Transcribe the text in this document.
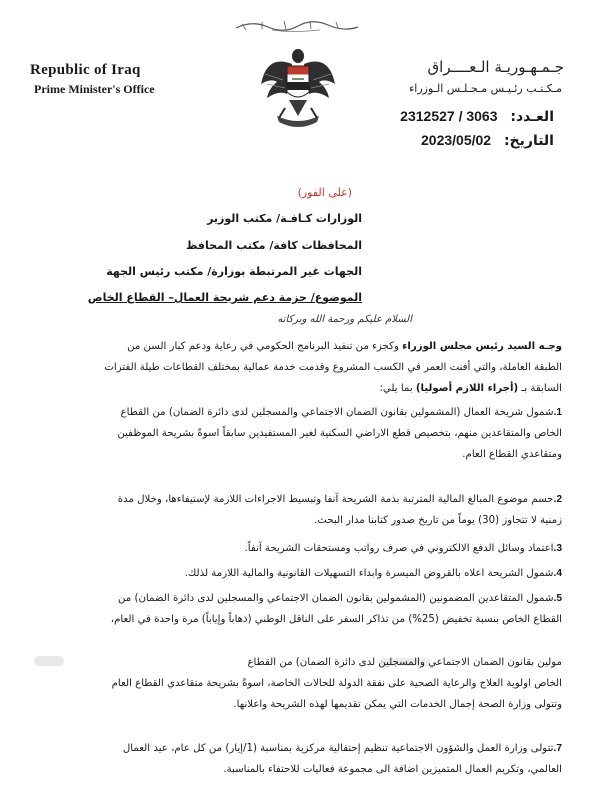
Republic of Iraq
Prime Minister's Office
جـمـهـوريـة الـعــــراق
مـكـتـب رئـيـس مـجـلـس الـوزراء
العـدد: 2312527 / 3063
التاريخ: 2023/05/02
(على الفور)
الوزارات كـافـة/ مكتب الوزير
المحافظات كافة/ مكتب المحافظ
الجهات غير المرتبطة بوزارة/ مكتب رئيس الجهة
الموضوع/ حزمة دعم شريحة العمال– القطاع الخاص
السلام عليكم ورحمة الله وبركاته
وجـه السيد رئيس مجلس الوزراء وكجزء من تنفيذ البرنامج الحكومي في رعاية ودعم كبار السن من
الطبقة العاملة، والتي أفنت العمر في الكسب المشروع وقدمت خدمة عمالية بمختلف القطاعات طيلة الفترات
السابقة بـ (أجراء اللازم أصوليا) بما يلي:
1.شمول شريحة العمال (المشمولين بقانون الضمان الاجتماعي والمسجلين لدى دائرة الضمان) من القطاع
الخاص والمتقاعدين منهم، بتخصيص قطع الاراضي السكنية لغير المستفيدين سابقاً اسوةً بشريحة الموظفين
ومتقاعدي القطاع العام.
2.حسم موضوع المبالغ المالية المترتبة بذمة الشريحة آنفا وتبسيط الاجراءات اللازمة لإستيفاءها، وخلال مدة
زمنية لا تتجاوز (30) يوماً من تاريخ صدور كتابنا مدار البحث.
3.اعتماد وسائل الدفع الالكتروني في صرف رواتب ومستحقات الشريحة آنفاً.
4.شمول الشريحة اعلاه بالقروض الميسرة وابداء التسهيلات القانونية والمالية اللازمة لذلك.
5.شمول المتقاعدين المضمونين (المشمولين بقانون الضمان الاجتماعي والمسجلين لدى دائرة الضمان) من
القطاع الخاص بنسبة تخفيض (25%) من تذاكر السفر على الناقل الوطني (ذهاباً وإياباً) مرة واحدة في العام،
مولين بقانون الضمان الاجتماعي والمسجلين لدى دائرة الضمان) من القطاع
الخاص اولوية العلاج والرعاية الصحية على نفقة الدولة للحالات الخاصة، اسوةً بشريحة متقاعدي القطاع العام
وتتولى وزارة الصحة إجمال الخدمات التي يمكن تقديمها لهذه الشريحة واعلانها.
7.تتولى وزارة العمل والشؤون الاجتماعية تنظيم إحتفالية مركزية بمناسبة (1/إيار) من كل عام، عيد العمال
العالمي، وتكريم العمال المتميزين اضافة الى مجموعة فعاليات للاحتفاء بالمناسبة.
